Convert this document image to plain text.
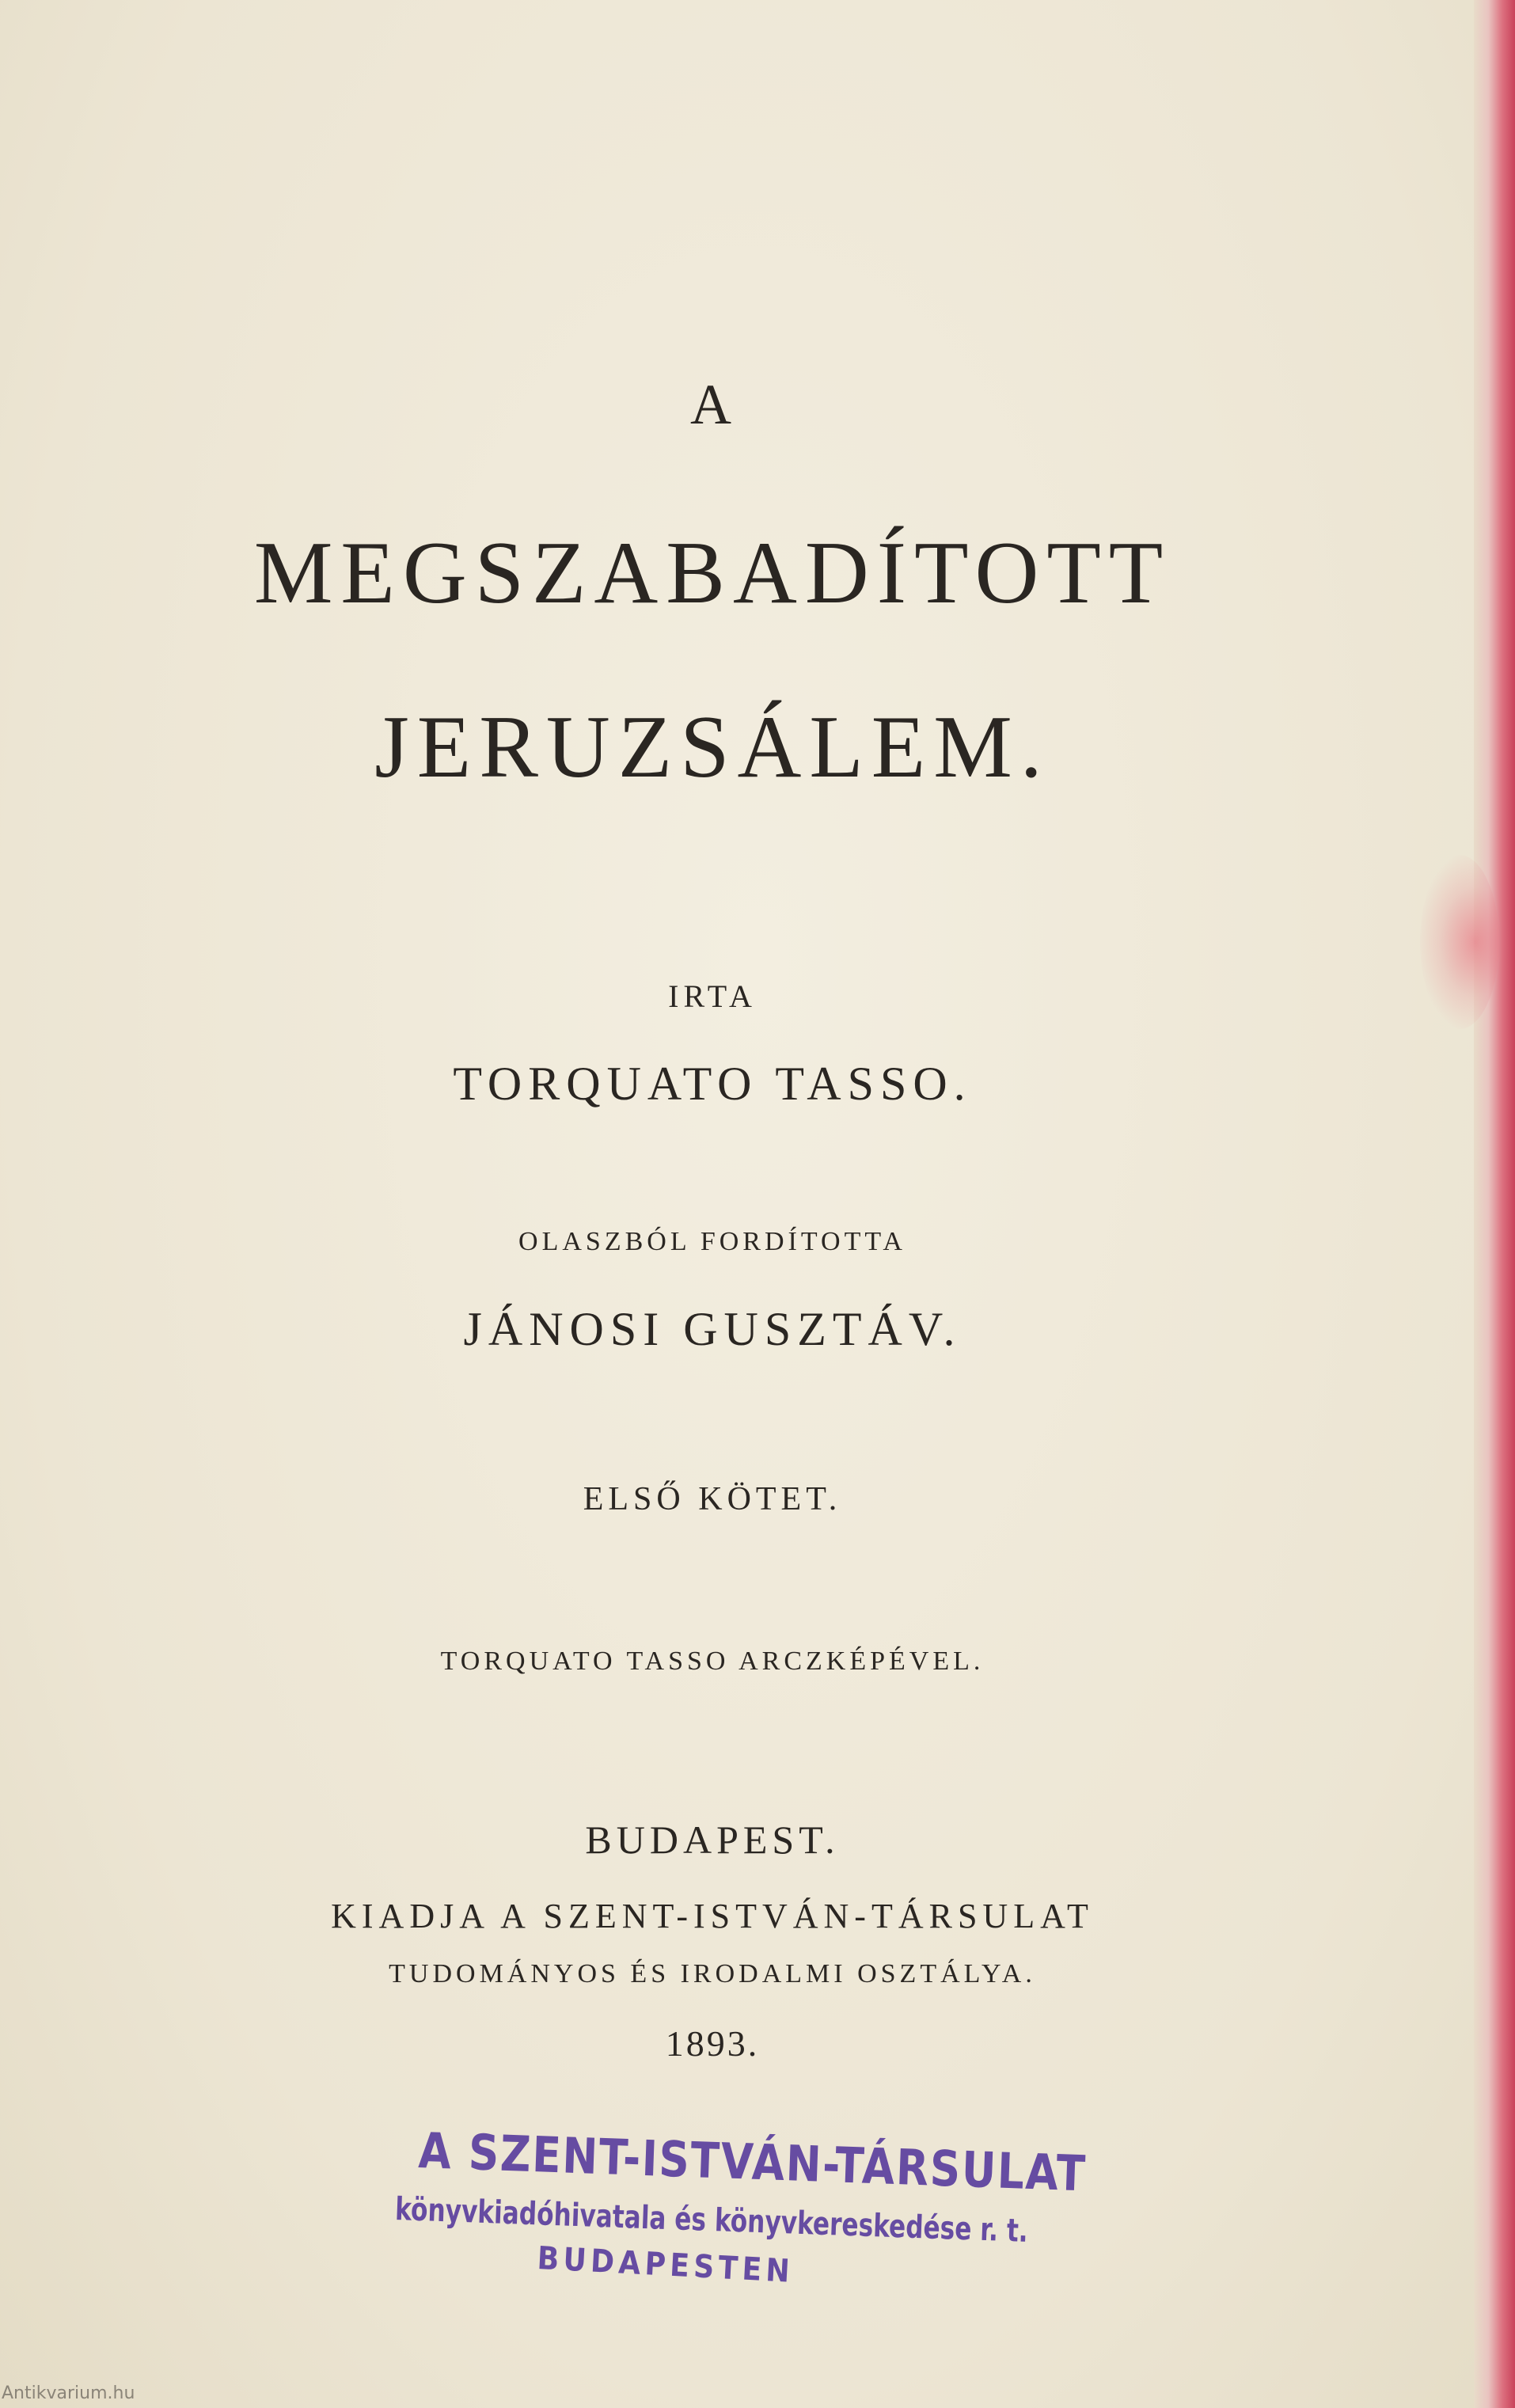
A
MEGSZABADÍTOTT
JERUZSÁLEM.
IRTA
TORQUATO TASSO.
OLASZBÓL FORDÍTOTTA
JÁNOSI GUSZTÁV.
ELSŐ KÖTET.
TORQUATO TASSO ARCZKÉPÉVEL.
BUDAPEST.
KIADJA A SZENT-ISTVÁN-TÁRSULAT
TUDOMÁNYOS ÉS IRODALMI OSZTÁLYA.
1893.
A SZENT-ISTVÁN-TÁRSULAT
könyvkiadóhivatala és könyvkereskedése r. t.
BUDAPESTEN
Antikvarium.hu
